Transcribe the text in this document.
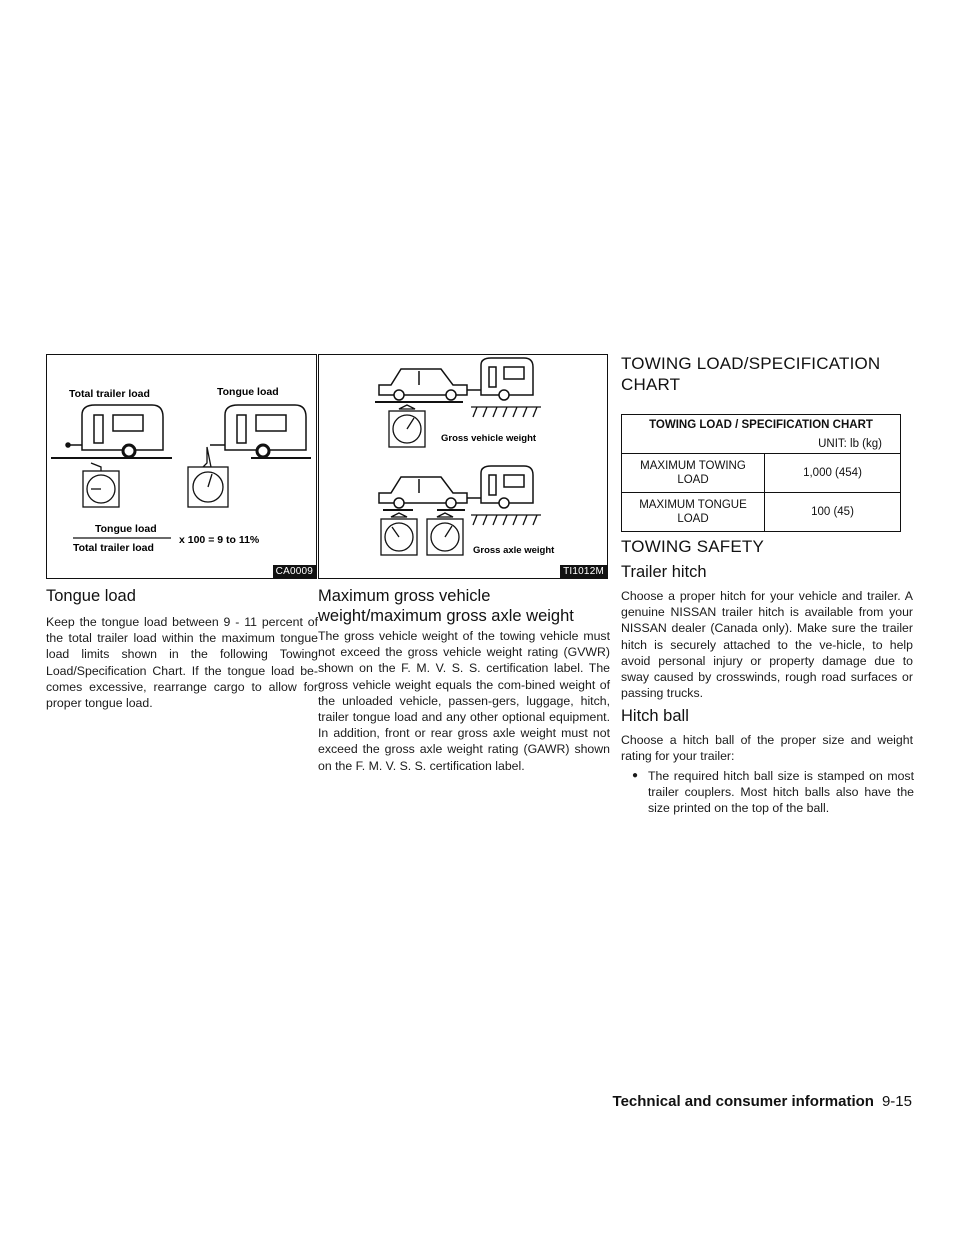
Total trailer load	Tongue load
Tongue load
Total trailer load
x 100 = 9 to 11%
CA0009
Gross vehicle weight
Gross axle weight
TI1012M
Tongue load
Keep the tongue load between 9 - 11 percent of the total trailer load within the maximum tongue load limits shown in the following Towing Load/Specification Chart. If the tongue load be-comes excessive, rearrange cargo to allow for proper tongue load.
Maximum gross vehicle
weight/maximum gross axle weight
The gross vehicle weight of the towing vehicle must not exceed the gross vehicle weight rating (GVWR) shown on the F. M. V. S. S. certification label. The gross vehicle weight equals the com-bined weight of the unloaded vehicle, passen-gers, luggage, hitch, trailer tongue load and any other optional equipment. In addition, front or rear gross axle weight must not exceed the gross axle weight rating (GAWR) shown on the F. M. V. S. S. certification label.
TOWING LOAD/SPECIFICATION
CHART
TOWING LOAD / SPECIFICATION CHART	
UNIT: lb (kg)	

MAXIMUM TOWING
LOAD	1,000 (454)

MAXIMUM TONGUE
LOAD	100 (45)
TOWING SAFETY
Trailer hitch
Choose a proper hitch for your vehicle and trailer. A genuine NISSAN trailer hitch is available from your NISSAN dealer (Canada only). Make sure the trailer hitch is securely attached to the ve-hicle, to help avoid personal injury or property damage due to sway caused by crosswinds, rough road surfaces or passing trucks.
Hitch ball
Choose a hitch ball of the proper size and weight rating for your trailer:
● The required hitch ball size is stamped on most trailer couplers. Most hitch balls also have the size printed on the top of the ball.
Technical and consumer information 9-15
